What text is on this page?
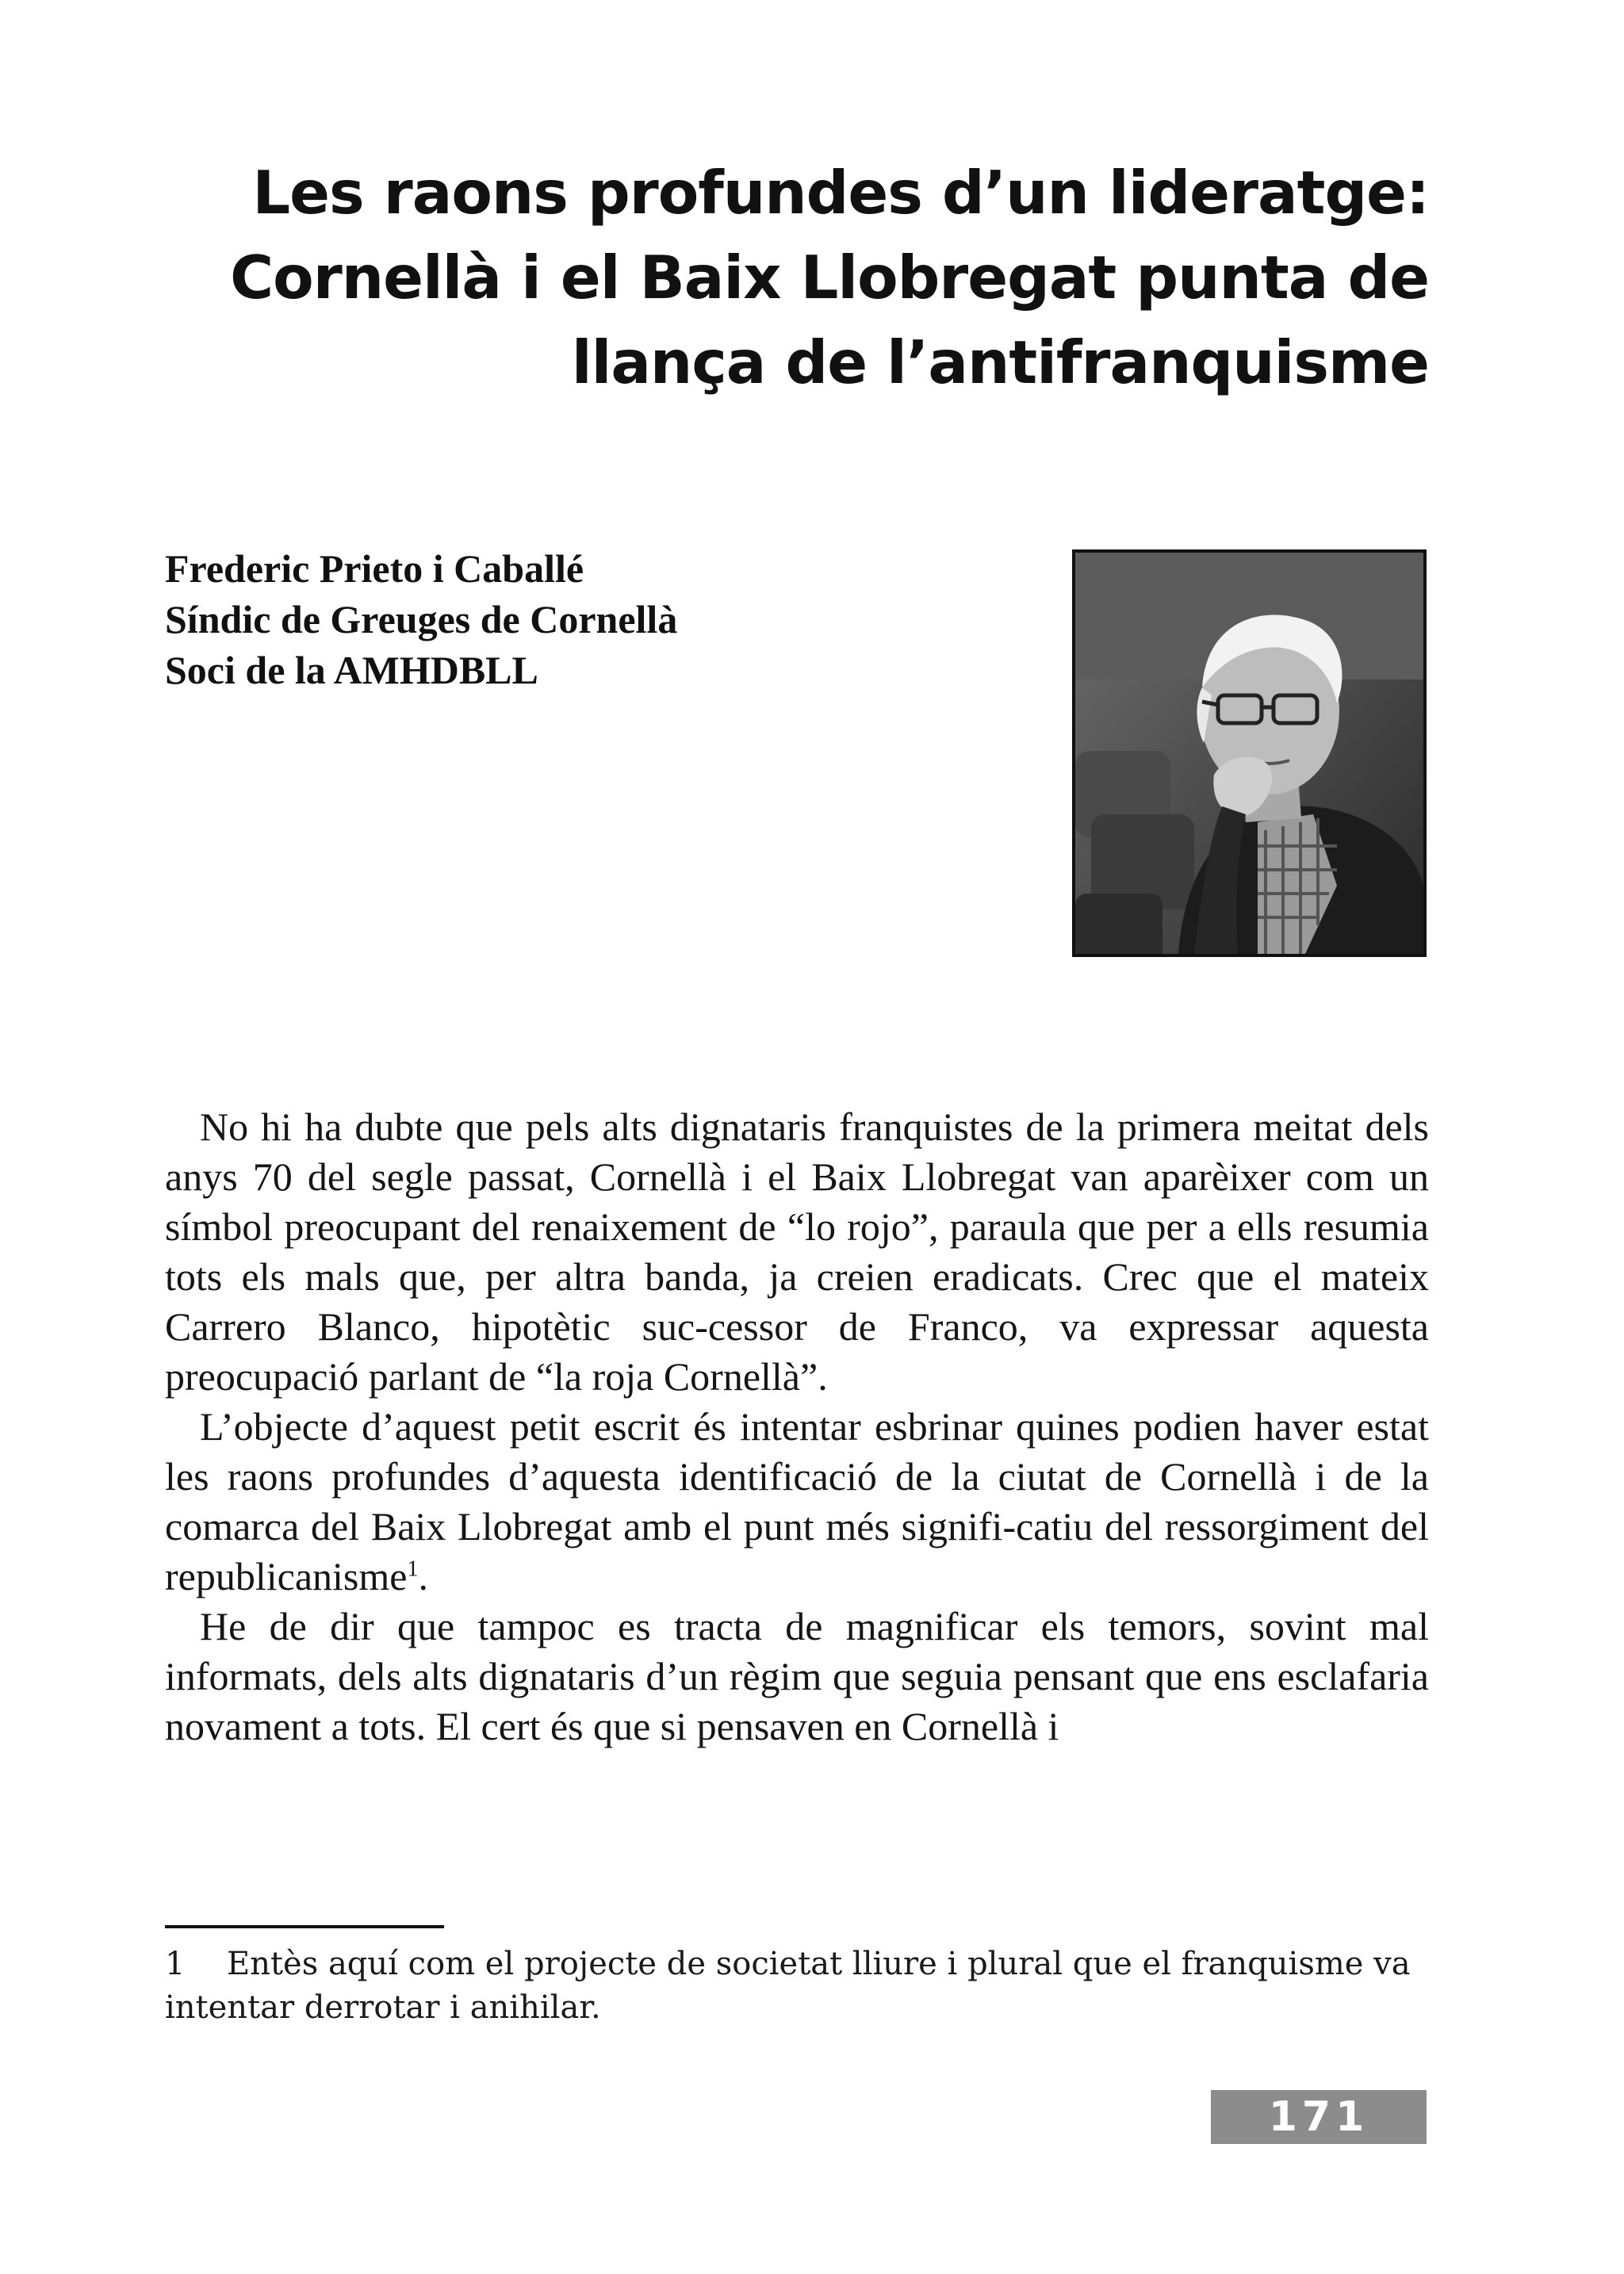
Les raons profundes d’un lideratge:
Cornellà i el Baix Llobregat punta de
llança de l’antifranquisme
Frederic Prieto i Caballé
Síndic de Greuges de Cornellà
Soci de la AMHDBLL

No hi ha dubte que pels alts dignataris franquistes de la primera meitat dels anys 70 del segle passat, Cornellà i el Baix Llobregat van aparèixer com un símbol preocupant del renaixement de “lo rojo”, paraula que per a ells resumia tots els mals que, per altra banda, ja creien eradicats. Crec que el mateix Carrero Blanco, hipotètic suc-cessor de Franco, va expressar aquesta preocupació parlant de “la roja Cornellà”.

L’objecte d’aquest petit escrit és intentar esbrinar quines podien haver estat les raons profundes d’aquesta identificació de la ciutat de Cornellà i de la comarca del Baix Llobregat amb el punt més signifi-catiu del ressorgiment del republicanisme$^1$.

He de dir que tampoc es tracta de magnificar els temors, sovint mal informats, dels alts dignataris d’un règim que seguia pensant que ens esclafaria novament a tots. El cert és que si pensaven en Cornellà i

1 Entès aquí com el projecte de societat lliure i plural que el franquisme va intentar derrotar i anihilar.
171
